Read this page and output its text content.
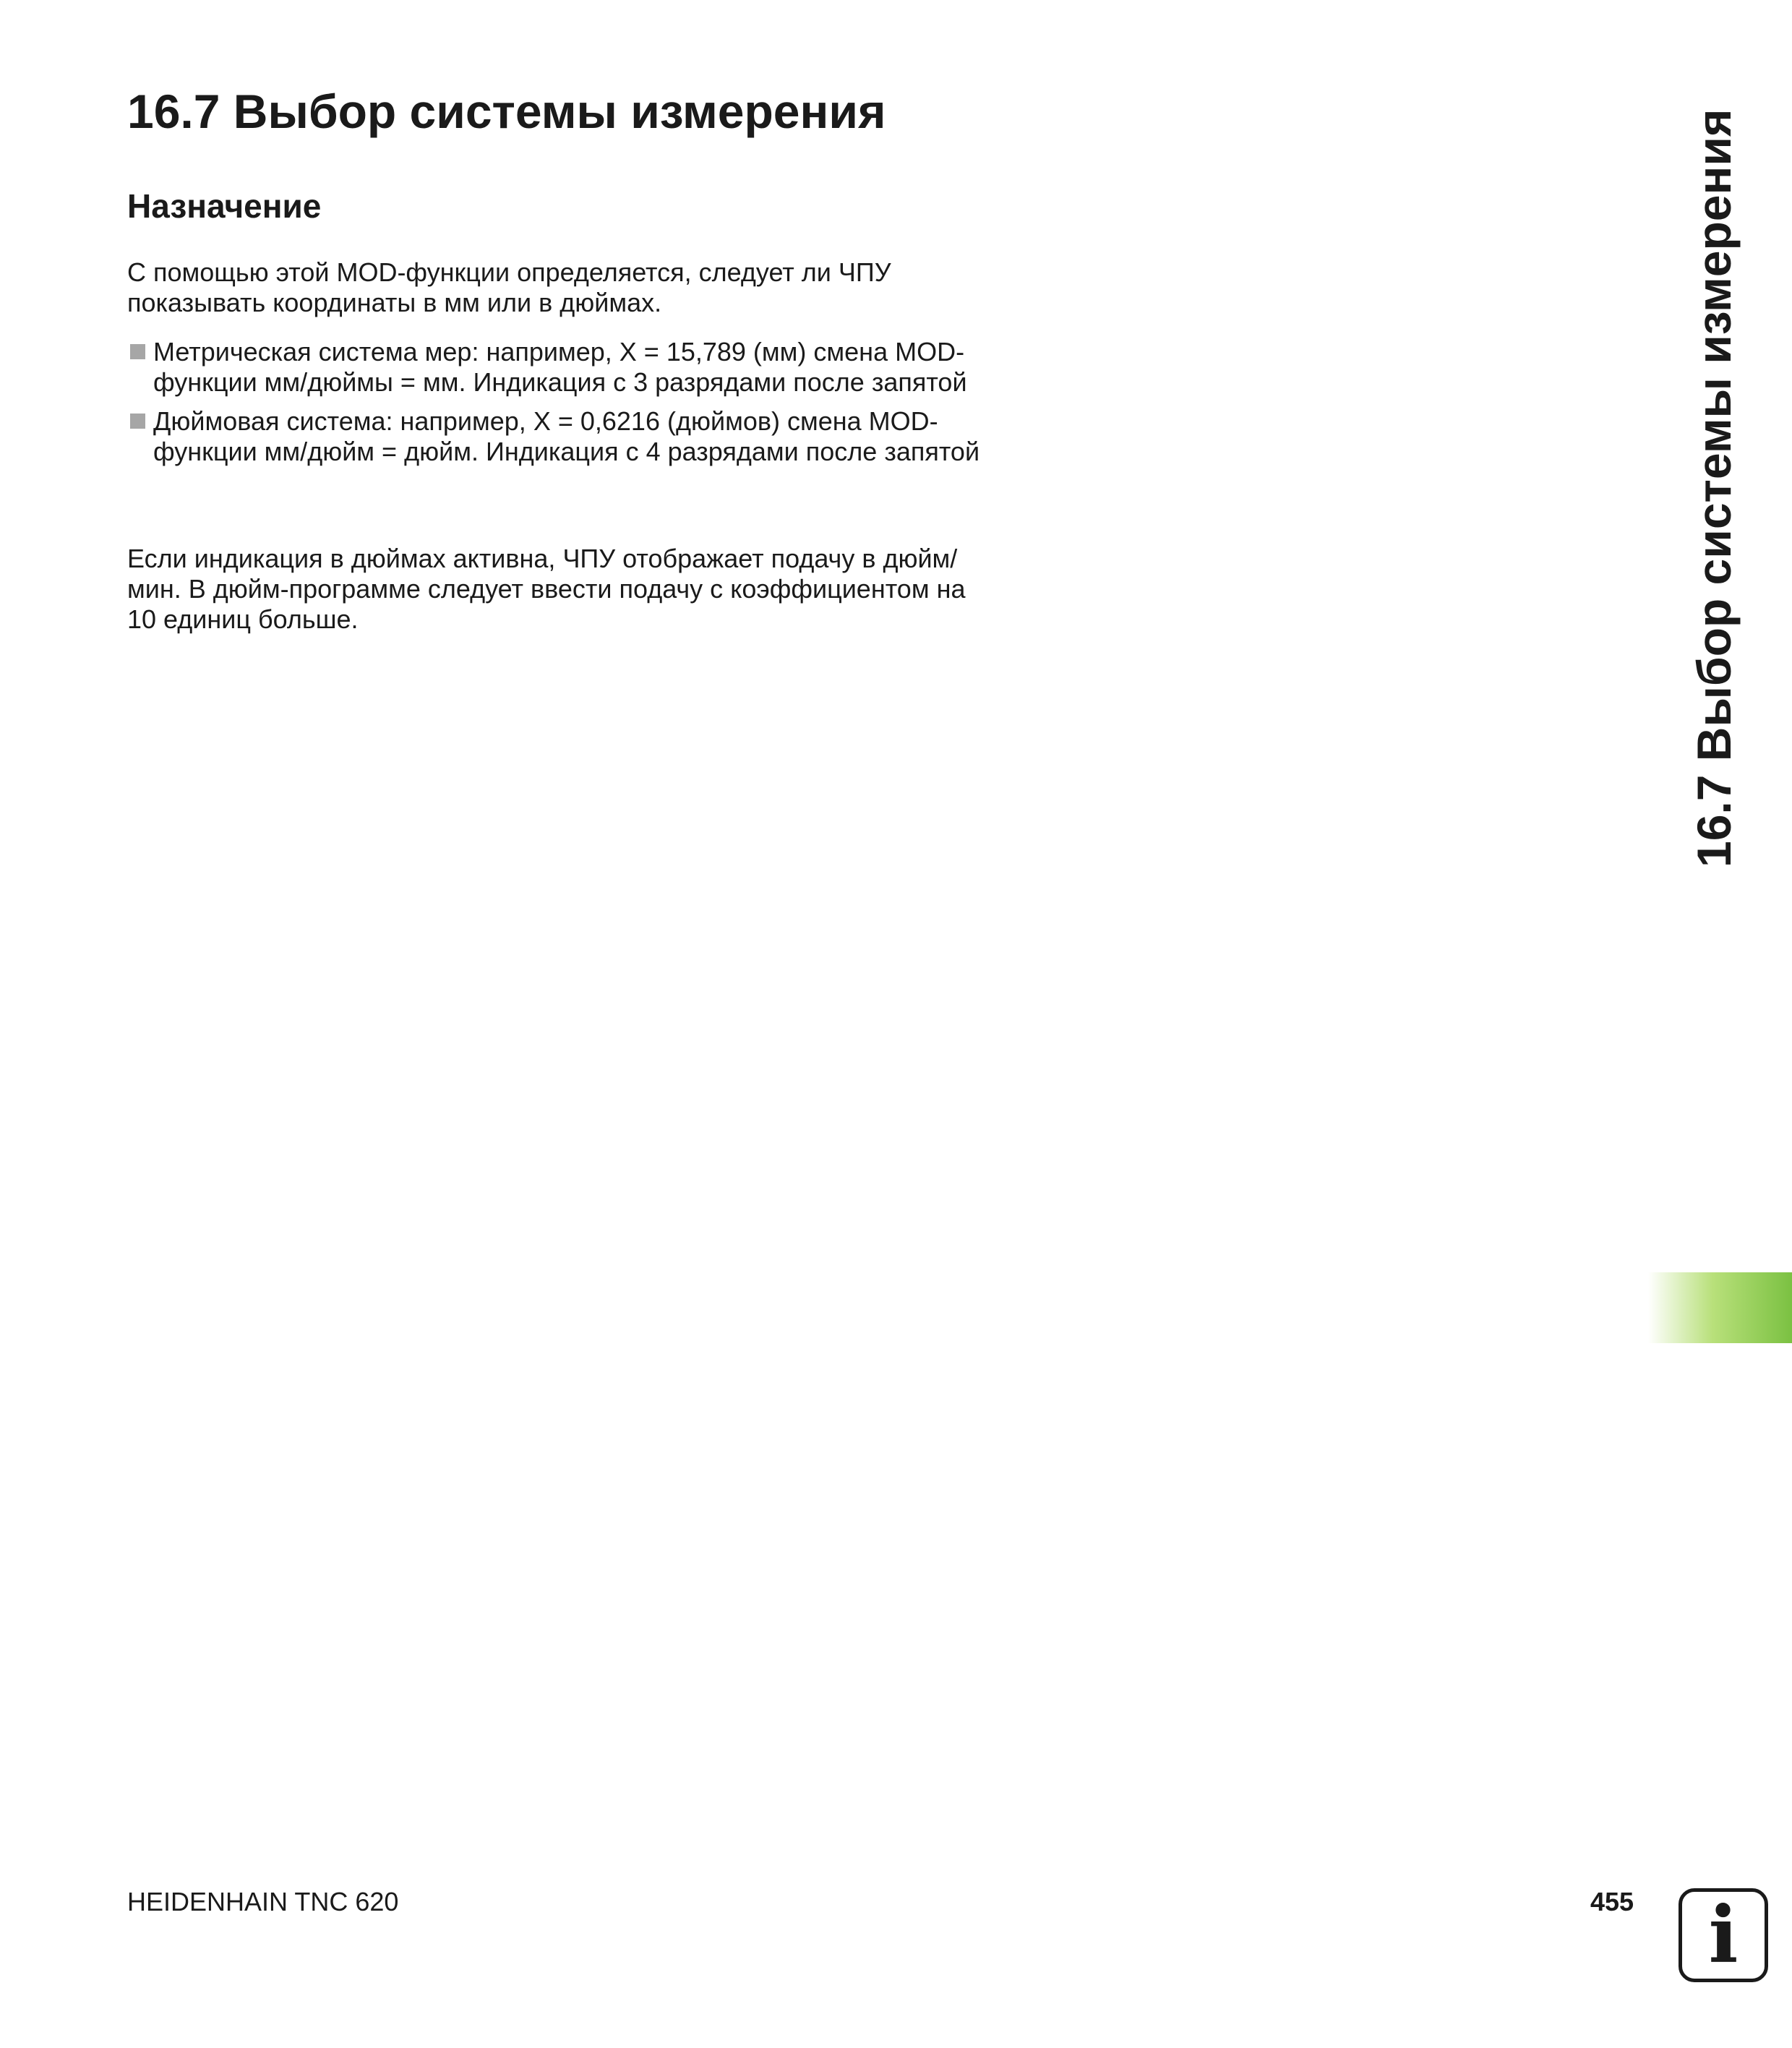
16.7 Выбор системы измерения
Назначение

С помощью этой MOD-функции определяется, следует ли ЧПУ показывать координаты в мм или в дюймах.

Метрическая система мер: например, X = 15,789 (мм) смена MOD-функции мм/дюймы = мм. Индикация с 3 разрядами после запятой
Дюймовая система: например, X = 0,6216 (дюймов) смена MOD-функции мм/дюйм = дюйм. Индикация с 4 разрядами после запятой

Если индикация в дюймах активна, ЧПУ отображает подачу в дюйм/мин. В дюйм-программе следует ввести подачу с коэффициентом на 10 единиц больше.	16.7 Выбор системы измерения
HEIDENHAIN TNC 620	455 i
